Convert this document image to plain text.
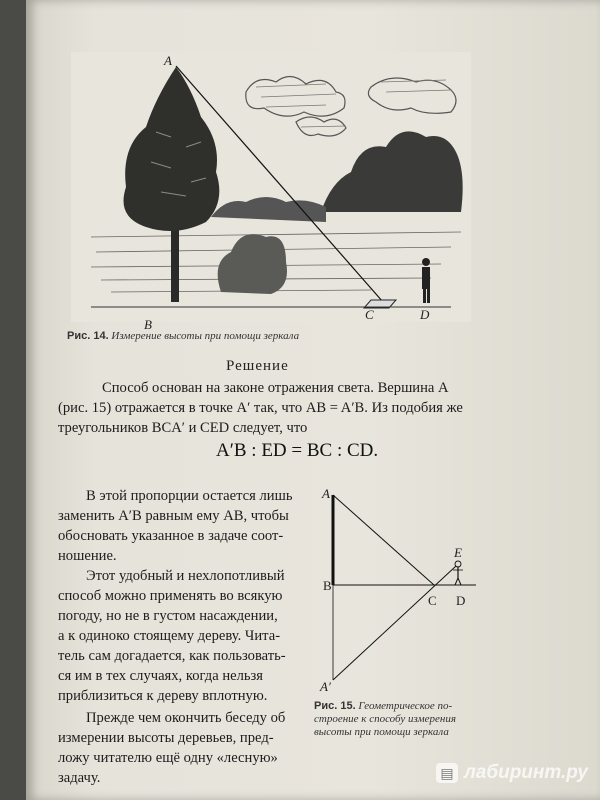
A
B
C	D
Рис. 14. Измерение высоты при помощи зеркала
Решение
Способ основан на законе отражения света. Вершина A
(рис. 15) отражается в точке A′ так, что AB = A′B. Из подобия же
треугольников BCA′ и CED следует, что
A′B : ED = BC : CD.
В этой пропорции остается лишь
заменить A′B равным ему AB, чтобы
обосновать указанное в задаче соот-
ношение.
Этот удобный и нехлопотливый
способ можно применять во всякую
погоду, но не в густом насаждении,
а к одиноко стоящему дереву. Чита-
тель сам догадается, как пользовать-
ся им в тех случаях, когда нельзя
приблизиться к дереву вплотную.
Прежде чем окончить беседу об
измерении высоты деревьев, пред-
ложу читателю ещё одну «лесную»
задачу.
A
B
C D
E
A′
Рис. 15. Геометрическое по-
строение к способу измерения
высоты при помощи зеркала
▤ лабиринт.ру
